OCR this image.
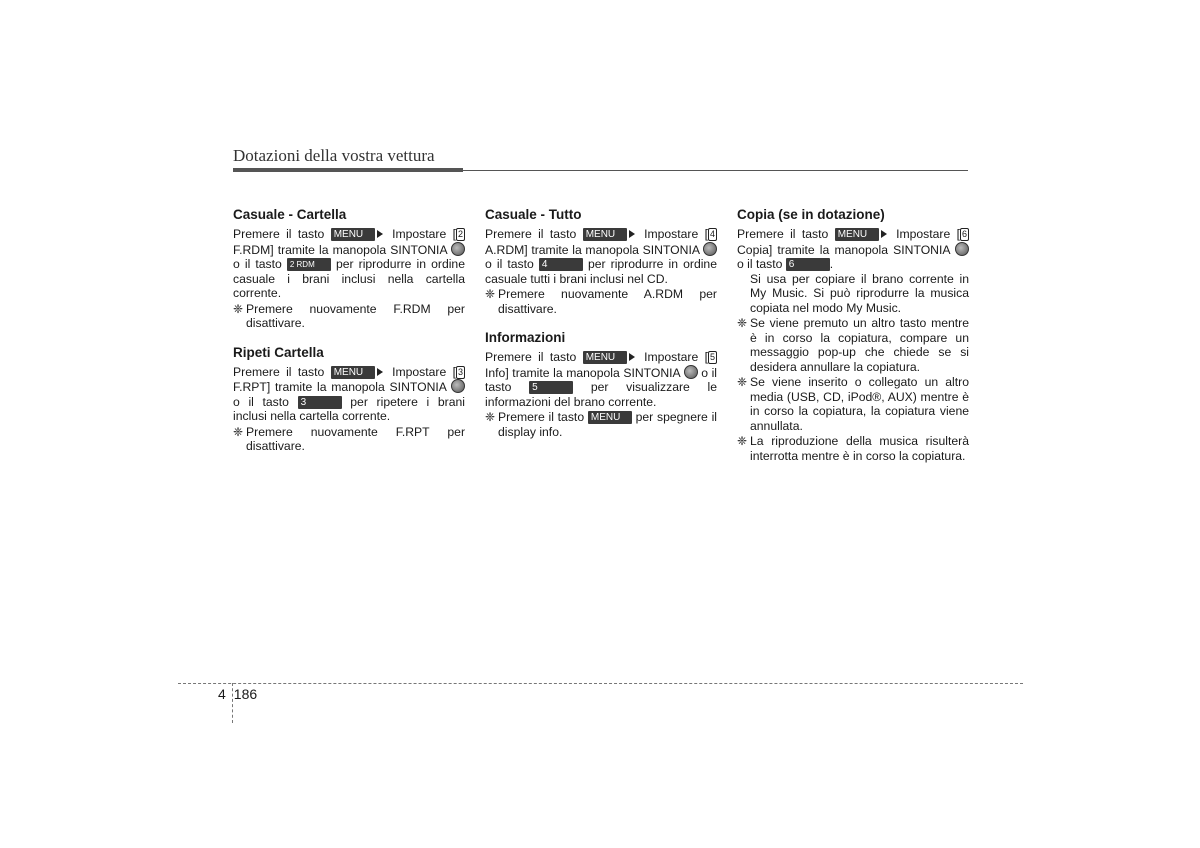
Dotazioni della vostra vettura
Casuale - Cartella

Premere il tasto MENU Impostare [ 2 F.RDM] tramite la manopola SINTONIA  o il tasto 2 RDM per riprodurre in ordine casuale i brani inclusi nella cartella corrente.

❈ Premere nuovamente F.RDM per disattivare.
Ripeti Cartella

Premere il tasto MENU Impostare [ 3 F.RPT] tramite la manopola SINTONIA  o il tasto 3	per ripetere i brani inclusi nella cartella corrente.

❈ Premere nuovamente F.RPT per disattivare.
Casuale - Tutto

Premere il tasto MENU Impostare [ 4 A.RDM] tramite la manopola SINTONIA  o il tasto 4	per riprodurre in ordine casuale tutti i brani inclusi nel CD.

❈ Premere nuovamente A.RDM per disattivare.
Informazioni

Premere il tasto MENU Impostare [ 5 Info] tramite la manopola SINTONIA o il tasto 5	per visualizzare le informazioni del brano corrente.

❈ Premere il tasto MENU per spegnere il display info.
Copia (se in dotazione)

Premere il tasto MENU Impostare [ 6 Copia] tramite la manopola SINTONIA  o il tasto 6	.

Si usa per copiare il brano corrente in My Music. Si può riprodurre la musica copiata nel modo My Music.

❈ Se viene premuto un altro tasto mentre è in corso la copiatura, compare un messaggio pop-up che chiede se si desidera annullare la copiatura.
❈ Se viene inserito o collegato un altro media (USB, CD, iPod®, AUX) mentre è in corso la copiatura, la copiatura viene annullata.
❈ La riproduzione della musica risulterà interrotta mentre è in corso la copiatura.
4 186
